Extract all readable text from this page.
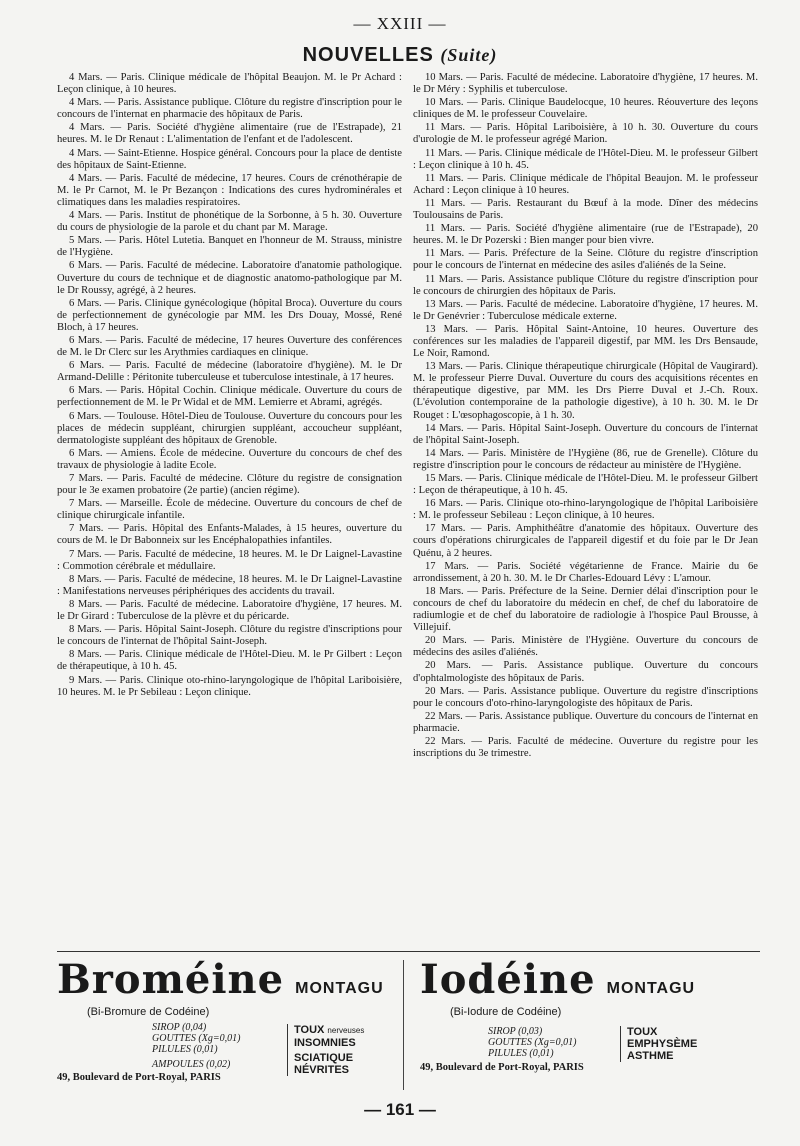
— XXIII —
NOUVELLES (Suite)

4 Mars. — Paris. Clinique médicale de l'hôpital Beaujon. M. le Pr Achard : Leçon clinique, à 10 heures.

4 Mars. — Paris. Assistance publique. Clôture du registre d'inscription pour le concours de l'internat en pharmacie des hôpitaux de Paris.

4 Mars. — Paris. Société d'hygiène alimentaire (rue de l'Estrapade), 21 heures. M. le Dr Renaut : L'alimentation de l'enfant et de l'adolescent.

4 Mars. — Saint-Etienne. Hospice général. Concours pour la place de dentiste des hôpitaux de Saint-Etienne.

4 Mars. — Paris. Faculté de médecine, 17 heures. Cours de crénothérapie de M. le Pr Carnot, M. le Pr Bezançon : Indications des cures hydrominérales et climatiques dans les maladies respiratoires.

4 Mars. — Paris. Institut de phonétique de la Sorbonne, à 5 h. 30. Ouverture du cours de physiologie de la parole et du chant par M. Marage.

5 Mars. — Paris. Hôtel Lutetia. Banquet en l'honneur de M. Strauss, ministre de l'Hygiène.

6 Mars. — Paris. Faculté de médecine. Laboratoire d'anatomie pathologique. Ouverture du cours de technique et de diagnostic anatomo-pathologique par M. le Dr Roussy, agrégé, à 2 heures.

6 Mars. — Paris. Clinique gynécologique (hôpital Broca). Ouverture du cours de perfectionnement de gynécologie par MM. les Drs Douay, Mossé, René Bloch, à 17 heures.

6 Mars. — Paris. Faculté de médecine, 17 heures Ouverture des conférences de M. le Dr Clerc sur les Arythmies cardiaques en clinique.

6 Mars. — Paris. Faculté de médecine (laboratoire d'hygiène). M. le Dr Armand-Delille : Péritonite tuberculeuse et tuberculose intestinale, à 17 heures.

6 Mars. — Paris. Hôpital Cochin. Clinique médicale. Ouverture du cours de perfectionnement de M. le Pr Widal et de MM. Lemierre et Abrami, agrégés.

6 Mars. — Toulouse. Hôtel-Dieu de Toulouse. Ouverture du concours pour les places de médecin suppléant, chirurgien suppléant, accoucheur suppléant, dermatologiste suppléant des hôpitaux de Grenoble.

6 Mars. — Amiens. École de médecine. Ouverture du concours de chef des travaux de physiologie à ladite Ecole.

7 Mars. — Paris. Faculté de médecine. Clôture du registre de consignation pour le 3e examen probatoire (2e partie) (ancien régime).

7 Mars. — Marseille. École de médecine. Ouverture du concours de chef de clinique chirurgicale infantile.

7 Mars. — Paris. Hôpital des Enfants-Malades, à 15 heures, ouverture du cours de M. le Dr Babonneix sur les Encéphalopathies infantiles.

7 Mars. — Paris. Faculté de médecine, 18 heures. M. le Dr Laignel-Lavastine : Commotion cérébrale et médullaire.

8 Mars. — Paris. Faculté de médecine, 18 heures. M. le Dr Laignel-Lavastine : Manifestations nerveuses périphériques des accidents du travail.

8 Mars. — Paris. Faculté de médecine. Laboratoire d'hygiène, 17 heures. M. le Dr Girard : Tuberculose de la plèvre et du péricarde.

8 Mars. — Paris. Hôpital Saint-Joseph. Clôture du registre d'inscriptions pour le concours de l'internat de l'hôpital Saint-Joseph.

8 Mars. — Paris. Clinique médicale de l'Hôtel-Dieu. M. le Pr Gilbert : Leçon de thérapeutique, à 10 h. 45.

9 Mars. — Paris. Clinique oto-rhino-laryngologique de l'hôpital Lariboisière, 10 heures. M. le Pr Sebileau : Leçon clinique.

10 Mars. — Paris. Faculté de médecine. Laboratoire d'hygiène, 17 heures. M. le Dr Méry : Syphilis et tuberculose.

10 Mars. — Paris. Clinique Baudelocque, 10 heures. Réouverture des leçons cliniques de M. le professeur Couvelaire.

11 Mars. — Paris. Hôpital Lariboisière, à 10 h. 30. Ouverture du cours d'urologie de M. le professeur agrégé Marion.

11 Mars. — Paris. Clinique médicale de l'Hôtel-Dieu. M. le professeur Gilbert : Leçon clinique à 10 h. 45.

11 Mars. — Paris. Clinique médicale de l'hôpital Beaujon. M. le professeur Achard : Leçon clinique à 10 heures.

11 Mars. — Paris. Restaurant du Bœuf à la mode. Dîner des médecins Toulousains de Paris.

11 Mars. — Paris. Société d'hygiène alimentaire (rue de l'Estrapade), 20 heures. M. le Dr Pozerski : Bien manger pour bien vivre.

11 Mars. — Paris. Préfecture de la Seine. Clôture du registre d'inscription pour le concours de l'internat en médecine des asiles d'aliénés de la Seine.

11 Mars. — Paris. Assistance publique Clôture du registre d'inscription pour le concours de chirurgien des hôpitaux de Paris.

13 Mars. — Paris. Faculté de médecine. Laboratoire d'hygiène, 17 heures. M. le Dr Genévrier : Tuberculose médicale externe.

13 Mars. — Paris. Hôpital Saint-Antoine, 10 heures. Ouverture des conférences sur les maladies de l'appareil digestif, par MM. les Drs Bensaude, Le Noir, Ramond.

13 Mars. — Paris. Clinique thérapeutique chirurgicale (Hôpital de Vaugirard). M. le professeur Pierre Duval. Ouverture du cours des acquisitions récentes en thérapeutique digestive, par MM. les Drs Pierre Duval et J.-Ch. Roux. (L'évolution contemporaine de la pathologie digestive), à 10 h. 30. M. le Dr Rouget : L'œsophagoscopie, à 1 h. 30.

14 Mars. — Paris. Hôpital Saint-Joseph. Ouverture du concours de l'internat de l'hôpital Saint-Joseph.

14 Mars. — Paris. Ministère de l'Hygiène (86, rue de Grenelle). Clôture du registre d'inscription pour le concours de rédacteur au ministère de l'Hygiène.

15 Mars. — Paris. Clinique médicale de l'Hôtel-Dieu. M. le professeur Gilbert : Leçon de thérapeutique, à 10 h. 45.

16 Mars. — Paris. Clinique oto-rhino-laryngologique de l'hôpital Lariboisière : M. le professeur Sebileau : Leçon clinique, à 10 heures.

17 Mars. — Paris. Amphithéâtre d'anatomie des hôpitaux. Ouverture des cours d'opérations chirurgicales de l'appareil digestif et du foie par le Dr Jean Quénu, à 2 heures.

17 Mars. — Paris. Société végétarienne de France. Mairie du 6e arrondissement, à 20 h. 30. M. le Dr Charles-Edouard Lévy : L'amour.

18 Mars. — Paris. Préfecture de la Seine. Dernier délai d'inscription pour le concours de chef du laboratoire du médecin en chef, de chef du laboratoire de radiumlogie et de chef du laboratoire de radiologie à l'hospice Paul Brousse, à Villejuif.

20 Mars. — Paris. Ministère de l'Hygiène. Ouverture du concours de médecins des asiles d'aliénés.

20 Mars. — Paris. Assistance publique. Ouverture du concours d'ophtalmologiste des hôpitaux de Paris.

20 Mars. — Paris. Assistance publique. Ouverture du registre d'inscriptions pour le concours d'oto-rhino-laryngologiste des hôpitaux de Paris.

22 Mars. — Paris. Assistance publique. Ouverture du concours de l'internat en pharmacie.

22 Mars. — Paris. Faculté de médecine. Ouverture du registre pour les inscriptions du 3e trimestre.

Broméine MONTAGU
(Bi-Bromure de Codéine)
SIROP (0,04)
GOUTTES (Xg=0,01)
PILULES (0,01)
AMPOULES (0,02)
TOUX nerveuses
INSOMNIES
SCIATIQUE
NÉVRITES
49, Boulevard de Port-Royal, PARIS
Iodéine MONTAGU
(Bi-Iodure de Codéine)
SIROP (0,03)
GOUTTES (Xg=0,01)
PILULES (0,01)
TOUX
EMPHYSÈME
ASTHME
49, Boulevard de Port-Royal, PARIS
— 161 —
